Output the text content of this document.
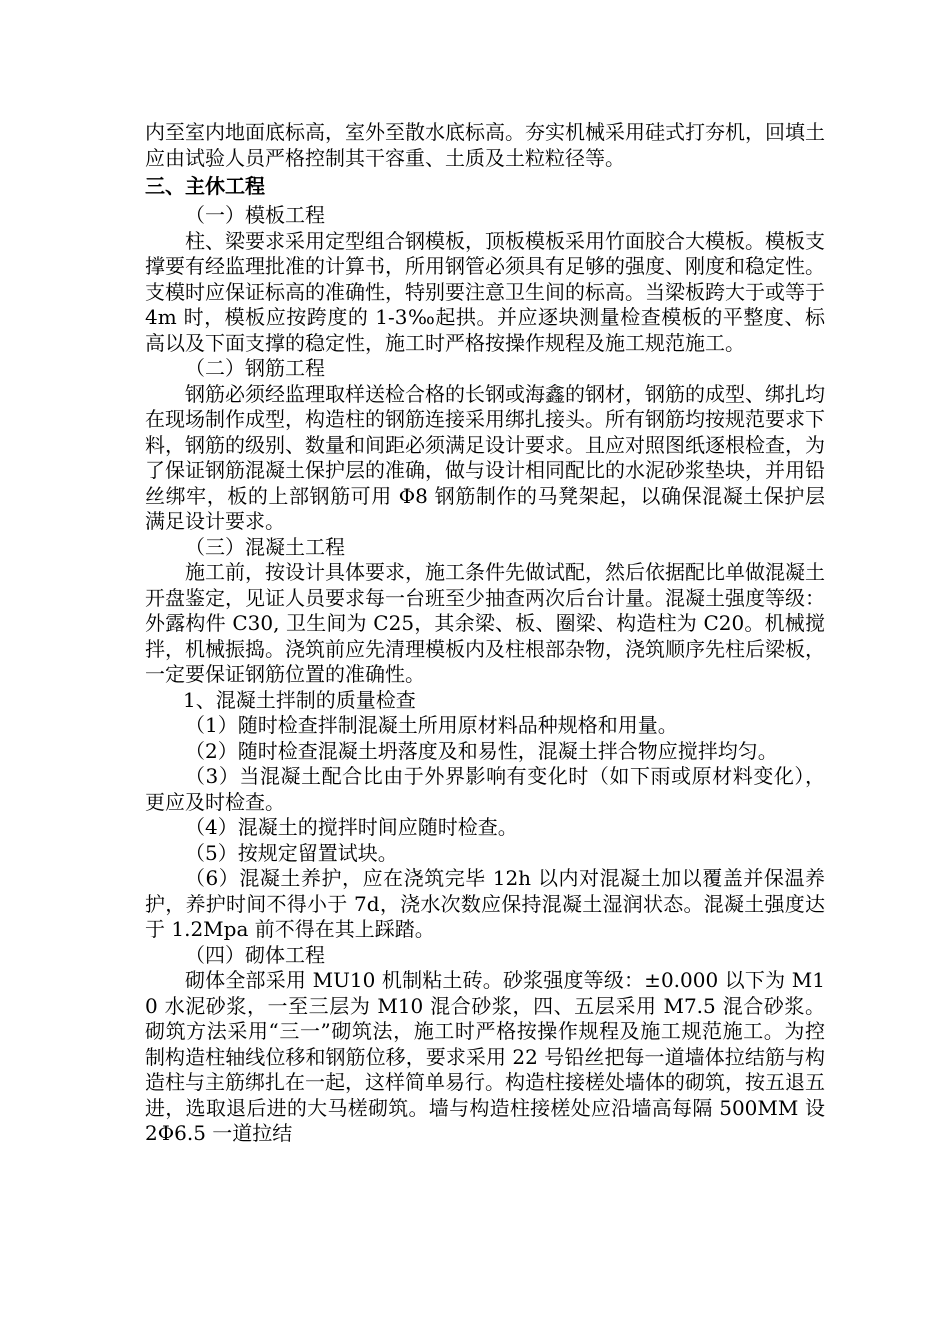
内至室内地面底标高，室外至散水底标高。夯实机械采用硅式打夯机，回填土应由试验人员严格控制其干容重、土质及土粒粒径等。

三、主休工程

（一）模板工程

柱、梁要求采用定型组合钢模板，顶板模板采用竹面胶合大模板。模板支撑要有经监理批准的计算书，所用钢管必须具有足够的强度、刚度和稳定性。支模时应保证标高的准确性，特别要注意卫生间的标高。当梁板跨大于或等于 4m 时，模板应按跨度的 1-3‰起拱。并应逐块测量检查模板的平整度、标高以及下面支撑的稳定性，施工时严格按操作规程及施工规范施工。

（二）钢筋工程

钢筋必须经监理取样送检合格的长钢或海鑫的钢材，钢筋的成型、绑扎均在现场制作成型，构造柱的钢筋连接采用绑扎接头。所有钢筋均按规范要求下料，钢筋的级别、数量和间距必须满足设计要求。且应对照图纸逐根检查，为了保证钢筋混凝土保护层的准确，做与设计相同配比的水泥砂浆垫块，并用铅丝绑牢，板的上部钢筋可用 Φ8 钢筋制作的马凳架起，以确保混凝土保护层满足设计要求。

（三）混凝土工程

施工前，按设计具体要求，施工条件先做试配，然后依据配比单做混凝土开盘鉴定，见证人员要求每一台班至少抽查两次后台计量。混凝土强度等级：外露构件 C30, 卫生间为 C25，其余梁、板、圈梁、构造柱为 C20。机械搅拌，机械振捣。浇筑前应先清理模板内及柱根部杂物，浇筑顺序先柱后梁板，一定要保证钢筋位置的准确性。

1、混凝土拌制的质量检查

（1）随时检查拌制混凝土所用原材料品种规格和用量。

（2）随时检查混凝土坍落度及和易性，混凝土拌合物应搅拌均匀。

（3）当混凝土配合比由于外界影响有变化时（如下雨或原材料变化），更应及时检查。

（4）混凝土的搅拌时间应随时检查。

（5）按规定留置试块。

（6）混凝土养护，应在浇筑完毕 12h 以内对混凝土加以覆盖并保温养护，养护时间不得小于 7d，浇水次数应保持混凝土湿润状态。混凝土强度达于 1.2Mpa 前不得在其上踩踏。

（四）砌体工程

砌体全部采用 MU10 机制粘土砖。砂浆强度等级：±0.000 以下为 M10 水泥砂浆，一至三层为 M10 混合砂浆，四、五层采用 M7.5 混合砂浆。砌筑方法采用“三一”砌筑法，施工时严格按操作规程及施工规范施工。为控制构造柱轴线位移和钢筋位移，要求采用 22 号铅丝把每一道墙体拉结筋与构造柱与主筋绑扎在一起，这样简单易行。构造柱接槎处墙体的砌筑，按五退五进，选取退后进的大马槎砌筑。墙与构造柱接槎处应沿墙高每隔 500MM 设 2Φ6.5 一道拉结
